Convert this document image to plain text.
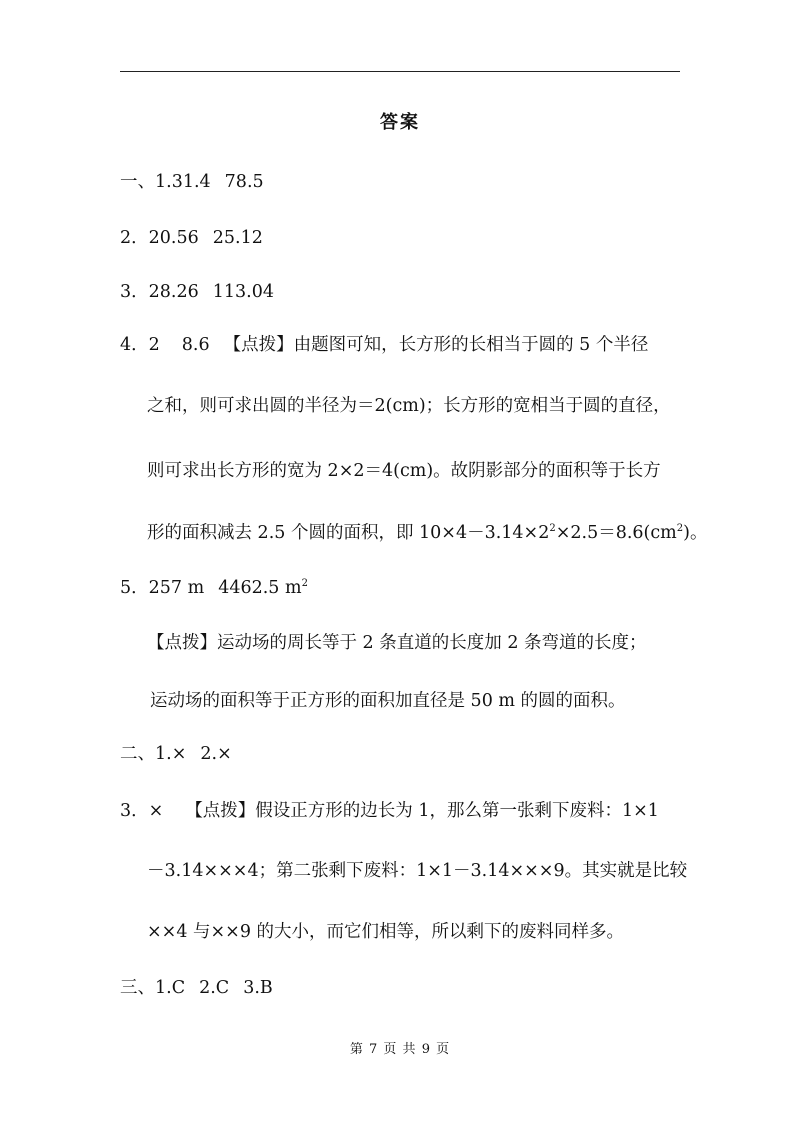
答案
一、1.31.4 78.5
2．20.56 25.12
3．28.26 113.04
4．2 8.6 【点拨】由题图可知，长方形的长相当于圆的 5 个半径
之和，则可求出圆的半径为＝2(cm)；长方形的宽相当于圆的直径，
则可求出长方形的宽为 2×2＝4(cm)。故阴影部分的面积等于长方
形的面积减去 2.5 个圆的面积，即 $10\times 4-3.14\times 2^2\times 2.5=8.6(cm^2)$。
5．257 m 4462.5 $m^2$
【点拨】运动场的周长等于 2 条直道的长度加 2 条弯道的长度；
运动场的面积等于正方形的面积加直径是 50 m 的圆的面积。
二、1.× 2.×
3．× 【点拨】假设正方形的边长为 1，那么第一张剩下废料：1×1
－3.14×××4；第二张剩下废料：1×1－3.14×××9。其实就是比较
××4 与××9 的大小，而它们相等，所以剩下的废料同样多。
三、1.C 2.C 3.B
第 7 页 共 9 页
